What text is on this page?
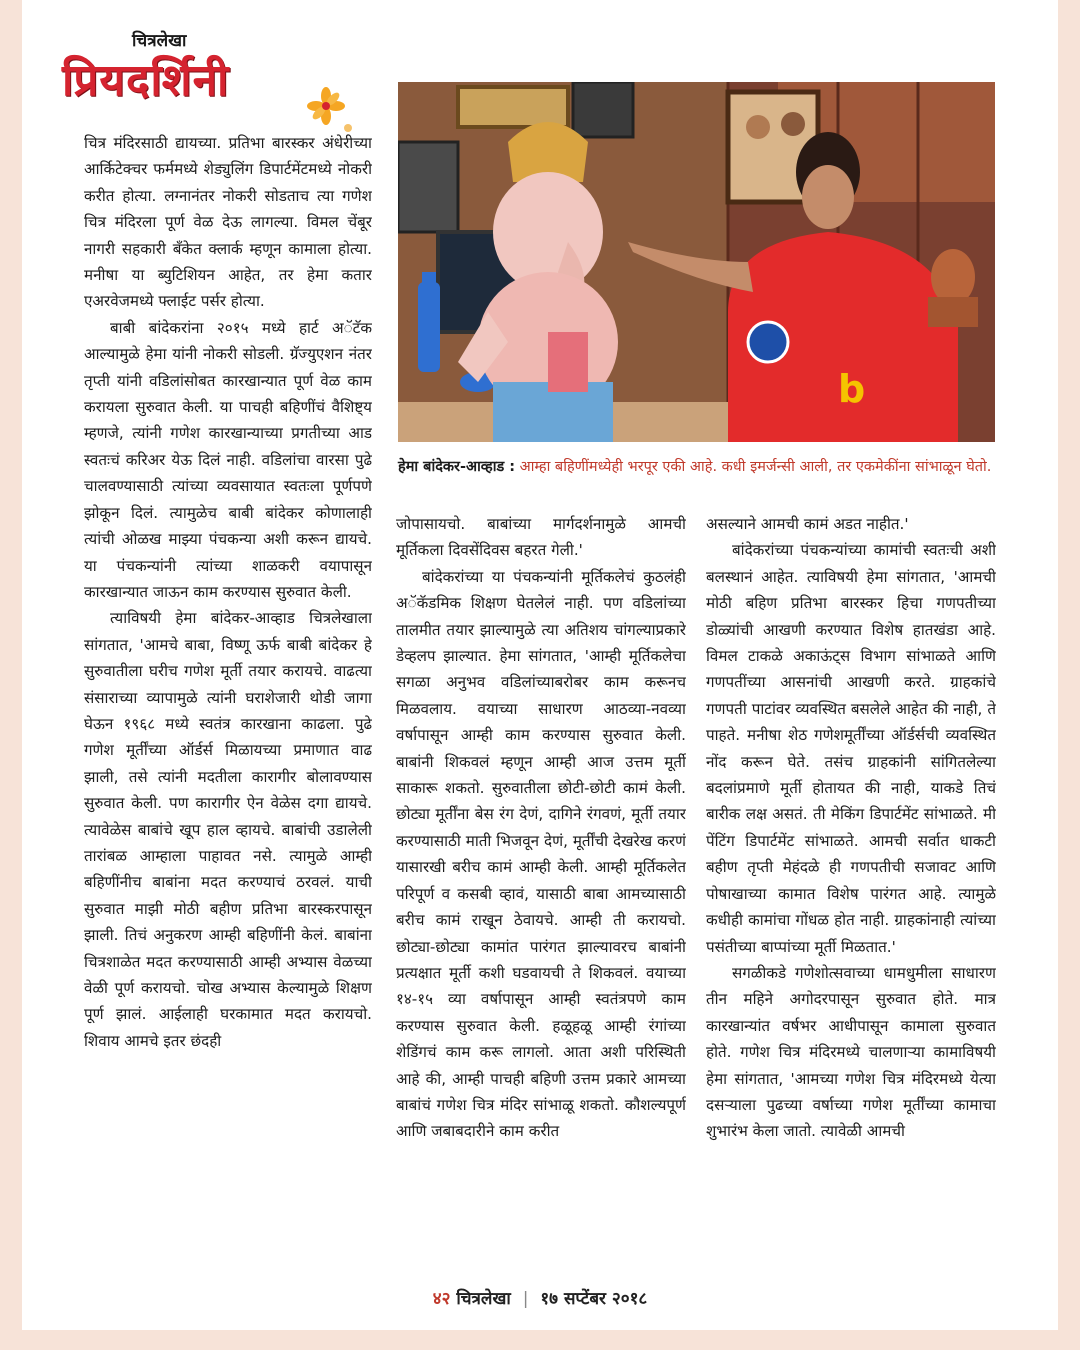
चित्रलेखा
प्रियदर्शिनी

चित्र मंदिरसाठी द्यायच्या. प्रतिभा बारस्कर अंधेरीच्या आर्किटेक्चर फर्ममध्ये शेड्युलिंग डिपार्टमेंटमध्ये नोकरी करीत होत्या. लग्नानंतर नोकरी सोडताच त्या गणेश चित्र मंदिरला पूर्ण वेळ देऊ लागल्या. विमल चेंबूर नागरी सहकारी बँकेत क्लार्क म्हणून कामाला होत्या. मनीषा या ब्युटिशियन आहेत, तर हेमा कतार एअरवेजमध्ये फ्लाईट पर्सर होत्या.

बाबी बांदेकरांना २०१५ मध्ये हार्ट अॅटॅक आल्यामुळे हेमा यांनी नोकरी सोडली. ग्रॅज्युएशन नंतर तृप्ती यांनी वडिलांसोबत कारखान्यात पूर्ण वेळ काम करायला सुरुवात केली. या पाचही बहिणींचं वैशिष्ट्य म्हणजे, त्यांनी गणेश कारखान्याच्या प्रगतीच्या आड स्वतःचं करिअर येऊ दिलं नाही. वडिलांचा वारसा पुढे चालवण्यासाठी त्यांच्या व्यवसायात स्वतःला पूर्णपणे झोकून दिलं. त्यामुळेच बाबी बांदेकर कोणालाही त्यांची ओळख माझ्या पंचकन्या अशी करून द्यायचे. या पंचकन्यांनी त्यांच्या शाळकरी वयापासून कारखान्यात जाऊन काम करण्यास सुरुवात केली.

त्याविषयी हेमा बांदेकर-आव्हाड चित्रलेखाला सांगतात, 'आमचे बाबा, विष्णू ऊर्फ बाबी बांदेकर हे सुरुवातीला घरीच गणेश मूर्ती तयार करायचे. वाढत्या संसाराच्या व्यापामुळे त्यांनी घराशेजारी थोडी जागा घेऊन १९६८ मध्ये स्वतंत्र कारखाना काढला. पुढे गणेश मूर्तींच्या ऑर्डर्स मिळायच्या प्रमाणात वाढ झाली, तसे त्यांनी मदतीला कारागीर बोलावण्यास सुरुवात केली. पण कारागीर ऐन वेळेस दगा द्यायचे. त्यावेळेस बाबांचे खूप हाल व्हायचे. बाबांची उडालेली तारांबळ आम्हाला पाहावत नसे. त्यामुळे आम्ही बहिणींनीच बाबांना मदत करण्याचं ठरवलं. याची सुरुवात माझी मोठी बहीण प्रतिभा बारस्करपासून झाली. तिचं अनुकरण आम्ही बहिणींनी केलं. बाबांना चित्रशाळेत मदत करण्यासाठी आम्ही अभ्यास वेळच्या वेळी पूर्ण करायचो. चोख अभ्यास केल्यामुळे शिक्षण पूर्ण झालं. आईलाही घरकामात मदत करायचो. शिवाय आमचे इतर छंदही

b
हेमा बांदेकर-आव्हाड : आम्हा बहिणींमध्येही भरपूर एकी आहे. कधी इमर्जन्सी आली, तर एकमेकींना सांभाळून घेतो.

जोपासायचो. बाबांच्या मार्गदर्शनामुळे आमची मूर्तिकला दिवसेंदिवस बहरत गेली.'

बांदेकरांच्या या पंचकन्यांनी मूर्तिकलेचं कुठलंही अॅकॅडमिक शिक्षण घेतलेलं नाही. पण वडिलांच्या तालमीत तयार झाल्यामुळे त्या अतिशय चांगल्याप्रकारे डेव्हलप झाल्यात. हेमा सांगतात, 'आम्ही मूर्तिकलेचा सगळा अनुभव वडिलांच्याबरोबर काम करूनच मिळवलाय. वयाच्या साधारण आठव्या-नवव्या वर्षापासून आम्ही काम करण्यास सुरुवात केली. बाबांनी शिकवलं म्हणून आम्ही आज उत्तम मूर्ती साकारू शकतो. सुरुवातीला छोटी-छोटी कामं केली. छोट्या मूर्तींना बेस रंग देणं, दागिने रंगवणं, मूर्ती तयार करण्यासाठी माती भिजवून देणं, मूर्तींची देखरेख करणं यासारखी बरीच कामं आम्ही केली. आम्ही मूर्तिकलेत परिपूर्ण व कसबी व्हावं, यासाठी बाबा आमच्यासाठी बरीच कामं राखून ठेवायचे. आम्ही ती करायचो. छोट्या-छोट्या कामांत पारंगत झाल्यावरच बाबांनी प्रत्यक्षात मूर्ती कशी घडवायची ते शिकवलं. वयाच्या १४-१५ व्या वर्षापासून आम्ही स्वतंत्रपणे काम करण्यास सुरुवात केली. हळूहळू आम्ही रंगांच्या शेडिंगचं काम करू लागलो. आता अशी परिस्थिती आहे की, आम्ही पाचही बहिणी उत्तम प्रकारे आमच्या बाबांचं गणेश चित्र मंदिर सांभाळू शकतो. कौशल्यपूर्ण आणि जबाबदारीने काम करीत

असल्याने आमची कामं अडत नाहीत.'

बांदेकरांच्या पंचकन्यांच्या कामांची स्वतःची अशी बलस्थानं आहेत. त्याविषयी हेमा सांगतात, 'आमची मोठी बहिण प्रतिभा बारस्कर हिचा गणपतीच्या डोळ्यांची आखणी करण्यात विशेष हातखंडा आहे. विमल टाकळे अकाऊंट्स विभाग सांभाळते आणि गणपतींच्या आसनांची आखणी करते. ग्राहकांचे गणपती पाटांवर व्यवस्थित बसलेले आहेत की नाही, ते पाहते. मनीषा शेठ गणेशमूर्तींच्या ऑर्डर्सची व्यवस्थित नोंद करून घेते. तसंच ग्राहकांनी सांगितलेल्या बदलांप्रमाणे मूर्ती होतायत की नाही, याकडे तिचं बारीक लक्ष असतं. ती मेकिंग डिपार्टमेंट सांभाळते. मी पेंटिंग डिपार्टमेंट सांभाळते. आमची सर्वात धाकटी बहीण तृप्ती मेहंदळे ही गणपतीची सजावट आणि पोषाखाच्या कामात विशेष पारंगत आहे. त्यामुळे कधीही कामांचा गोंधळ होत नाही. ग्राहकांनाही त्यांच्या पसंतीच्या बाप्पांच्या मूर्ती मिळतात.'

सगळीकडे गणेशोत्सवाच्या धामधुमीला साधारण तीन महिने अगोदरपासून सुरुवात होते. मात्र कारखान्यांत वर्षभर आधीपासून कामाला सुरुवात होते. गणेश चित्र मंदिरमध्ये चालणाऱ्या कामाविषयी हेमा सांगतात, 'आमच्या गणेश चित्र मंदिरमध्ये येत्या दसऱ्याला पुढच्या वर्षाच्या गणेश मूर्तींच्या कामाचा शुभारंभ केला जातो. त्यावेळी आमची

४२ चित्रलेखा | १७ सप्टेंबर २०१८
